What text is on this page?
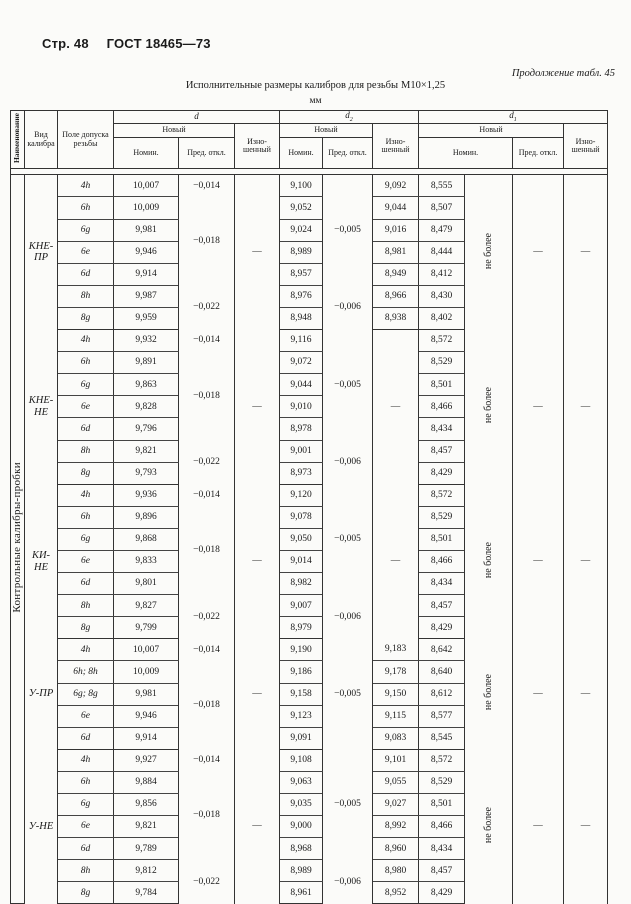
Стр. 48 ГОСТ 18465—73
Продолжение табл. 45
Исполнительные размеры калибров для резьбы M10×1,25
мм
Наименование	Вид калибра	Поле допуска резьбы	d			$d_2$			$d_1$
			Новый		Изно-шенный	Новый		Изно-шенный	Новый			Изно-шенный
			Номин.	Пред. откл.		Номин.	Пред. откл.		Номин.		Пред. откл.	

Контрольные калибры-пробки	КНЕ-ПР	4h	10,007	−0,014	—	9,100	−0,005	9,092	8,555	не более	—	—
		6h	10,009	−0,018		9,052		9,044	8,507			
		6g	9,981			9,024		9,016	8,479			
		6e	9,946			8,989		8,981	8,444			
		6d	9,914			8,957		8,949	8,412			
		8h	9,987	−0,022		8,976	−0,006	8,966	8,430			
		8g	9,959			8,948		8,938	8,402			
	КНЕ-НЕ	4h	9,932	−0,014	—	9,116	−0,005	—	8,572	не более	—	—
		6h	9,891	−0,018		9,072			8,529			
		6g	9,863			9,044			8,501			
		6e	9,828			9,010			8,466			
		6d	9,796			8,978			8,434			
		8h	9,821	−0,022		9,001	−0,006		8,457			
		8g	9,793			8,973			8,429			
	КИ-НЕ	4h	9,936	−0,014	—	9,120	−0,005	—	8,572	не более	—	—
		6h	9,896	−0,018		9,078			8,529			
		6g	9,868			9,050			8,501			
		6e	9,833			9,014			8,466			
		6d	9,801			8,982			8,434			
		8h	9,827	−0,022		9,007	−0,006		8,457			
		8g	9,799			8,979			8,429			
	У-ПР	4h	10,007	−0,014	—	9,190	−0,005	9,183	8,642	не более	—	—
		6h; 8h	10,009	−0,018		9,186		9,178	8,640			
		6g; 8g	9,981			9,158		9,150	8,612			
		6e	9,946			9,123		9,115	8,577			
		6d	9,914			9,091		9,083	8,545			
	У-НЕ	4h	9,927	−0,014	—	9,108	−0,005	9,101	8,572	не более	—	—
		6h	9,884	−0,018		9,063		9,055	8,529			
		6g	9,856			9,035		9,027	8,501			
		6e	9,821			9,000		8,992	8,466			
		6d	9,789			8,968		8,960	8,434			
		8h	9,812	−0,022		8,989	−0,006	8,980	8,457			
		8g	9,784			8,961		8,952	8,429			
